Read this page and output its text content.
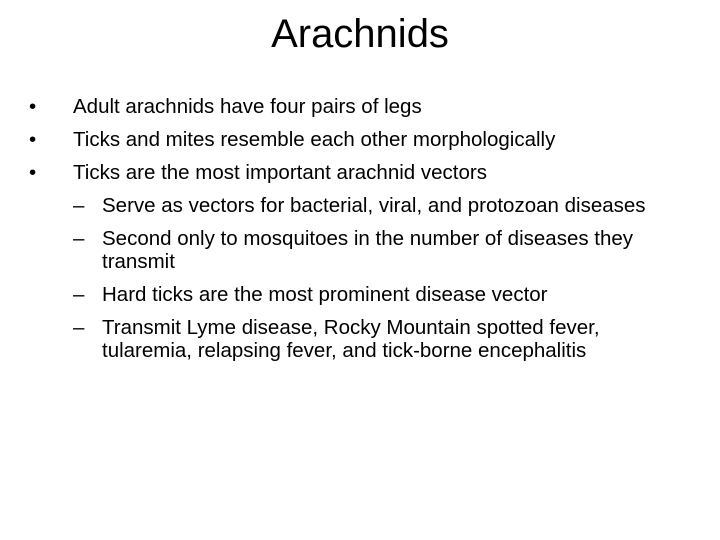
Arachnids
• Adult arachnids have four pairs of legs
• Ticks and mites resemble each other morphologically
• Ticks are the most important arachnid vectors
– Serve as vectors for bacterial, viral, and protozoan diseases
– Second only to mosquitoes in the number of diseases they transmit
– Hard ticks are the most prominent disease vector
– Transmit Lyme disease, Rocky Mountain spotted fever, tularemia, relapsing fever, and tick-borne encephalitis
